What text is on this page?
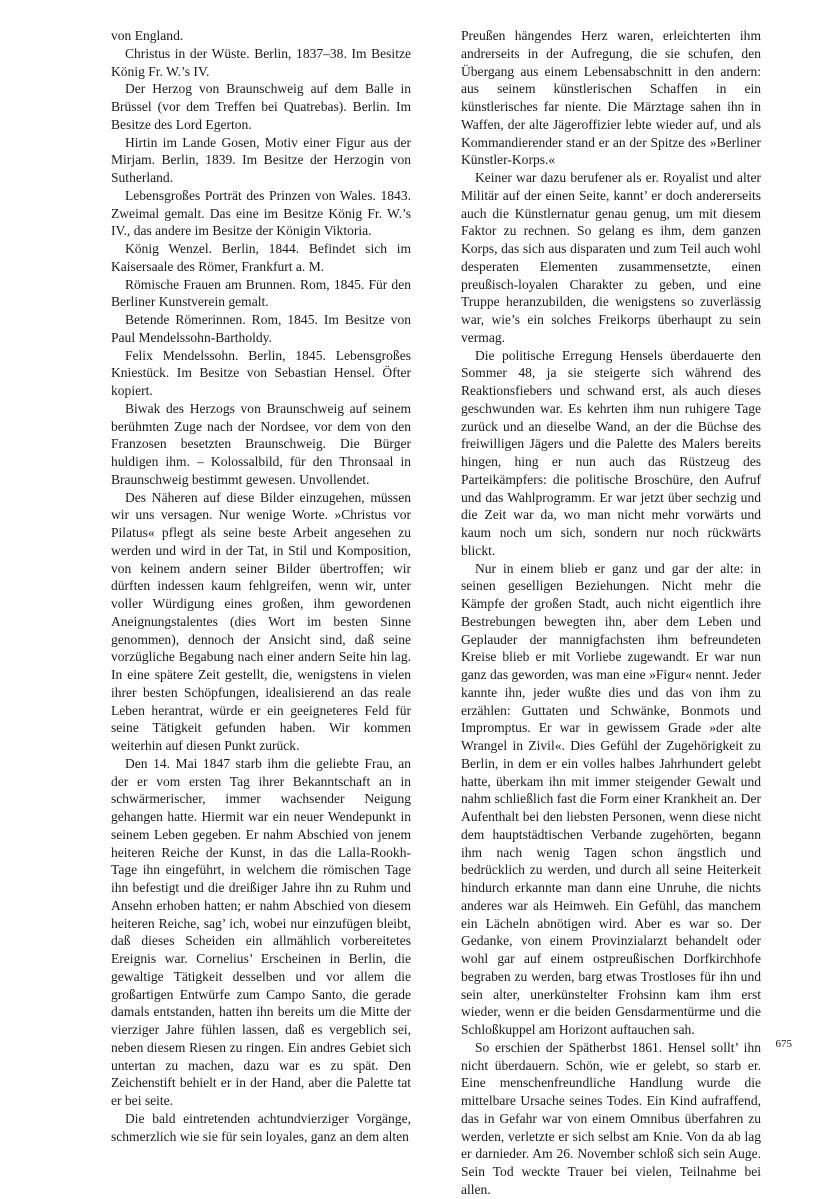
von England.

Christus in der Wüste. Berlin, 1837–38. Im Besitze König Fr. W.’s IV.

Der Herzog von Braunschweig auf dem Balle in Brüssel (vor dem Treffen bei Quatrebas). Berlin. Im Besitze des Lord Egerton.

Hirtin im Lande Gosen, Motiv einer Figur aus der Mirjam. Berlin, 1839. Im Besitze der Herzogin von Sutherland.

Lebensgroßes Porträt des Prinzen von Wales. 1843. Zweimal gemalt. Das eine im Besitze König Fr. W.’s IV., das andere im Besitze der Königin Viktoria.

König Wenzel. Berlin, 1844. Befindet sich im Kaisersaale des Römer, Frankfurt a. M.

Römische Frauen am Brunnen. Rom, 1845. Für den Berliner Kunstverein gemalt.

Betende Römerinnen. Rom, 1845. Im Besitze von Paul Mendelssohn-Bartholdy.

Felix Mendelssohn. Berlin, 1845. Lebensgroßes Kniestück. Im Besitze von Sebastian Hensel. Öfter kopiert.

Biwak des Herzogs von Braunschweig auf seinem berühmten Zuge nach der Nordsee, vor dem von den Franzosen besetzten Braunschweig. Die Bürger huldigen ihm. – Kolossalbild, für den Thronsaal in Braunschweig bestimmt gewesen. Unvollendet.

Des Näheren auf diese Bilder einzugehen, müssen wir uns versagen. Nur wenige Worte. »Christus vor Pilatus« pflegt als seine beste Arbeit angesehen zu werden und wird in der Tat, in Stil und Komposition, von keinem andern seiner Bilder übertroffen; wir dürften indessen kaum fehlgreifen, wenn wir, unter voller Würdigung eines großen, ihm gewordenen Aneignungstalentes (dies Wort im besten Sinne genommen), dennoch der Ansicht sind, daß seine vorzügliche Begabung nach einer andern Seite hin lag. In eine spätere Zeit gestellt, die, wenigstens in vielen ihrer besten Schöpfungen, idealisierend an das reale Leben herantrat, würde er ein geeigneteres Feld für seine Tätigkeit gefunden haben. Wir kommen weiterhin auf diesen Punkt zurück.

Den 14. Mai 1847 starb ihm die geliebte Frau, an der er vom ersten Tag ihrer Bekanntschaft an in schwärmerischer, immer wachsender Neigung gehangen hatte. Hiermit war ein neuer Wendepunkt in seinem Leben gegeben. Er nahm Abschied von jenem heiteren Reiche der Kunst, in das die Lalla-Rookh-Tage ihn eingeführt, in welchem die römischen Tage ihn befestigt und die dreißiger Jahre ihn zu Ruhm und Ansehn erhoben hatten; er nahm Abschied von diesem heiteren Reiche, sag’ ich, wobei nur einzufügen bleibt, daß dieses Scheiden ein allmählich vorbereitetes Ereignis war. Cornelius’ Erscheinen in Berlin, die gewaltige Tätigkeit desselben und vor allem die großartigen Entwürfe zum Campo Santo, die gerade damals entstanden, hatten ihn bereits um die Mitte der vierziger Jahre fühlen lassen, daß es vergeblich sei, neben diesem Riesen zu ringen. Ein andres Gebiet sich untertan zu machen, dazu war es zu spät. Den Zeichenstift behielt er in der Hand, aber die Palette tat er bei seite.

Die bald eintretenden achtundvierziger Vorgänge, schmerzlich wie sie für sein loyales, ganz an dem alten

Preußen hängendes Herz waren, erleichterten ihm andrerseits in der Aufregung, die sie schufen, den Übergang aus einem Lebensabschnitt in den andern: aus seinem künstlerischen Schaffen in ein künstlerisches far niente. Die Märztage sahen ihn in Waffen, der alte Jägeroffizier lebte wieder auf, und als Kommandierender stand er an der Spitze des »Berliner Künstler-Korps.«

Keiner war dazu berufener als er. Royalist und alter Militär auf der einen Seite, kannt’ er doch andererseits auch die Künstlernatur genau genug, um mit diesem Faktor zu rechnen. So gelang es ihm, dem ganzen Korps, das sich aus disparaten und zum Teil auch wohl desperaten Elementen zusammensetzte, einen preußisch-loyalen Charakter zu geben, und eine Truppe heranzubilden, die wenigstens so zuverlässig war, wie’s ein solches Freikorps überhaupt zu sein vermag.

Die politische Erregung Hensels überdauerte den Sommer 48, ja sie steigerte sich während des Reaktionsfiebers und schwand erst, als auch dieses geschwunden war. Es kehrten ihm nun ruhigere Tage zurück und an dieselbe Wand, an der die Büchse des freiwilligen Jägers und die Palette des Malers bereits hingen, hing er nun auch das Rüstzeug des Parteikämpfers: die politische Broschüre, den Aufruf und das Wahlprogramm. Er war jetzt über sechzig und die Zeit war da, wo man nicht mehr vorwärts und kaum noch um sich, sondern nur noch rückwärts blickt.

Nur in einem blieb er ganz und gar der alte: in seinen geselligen Beziehungen. Nicht mehr die Kämpfe der großen Stadt, auch nicht eigentlich ihre Bestrebungen bewegten ihn, aber dem Leben und Geplauder der mannigfachsten ihm befreundeten Kreise blieb er mit Vorliebe zugewandt. Er war nun ganz das geworden, was man eine »Figur« nennt. Jeder kannte ihn, jeder wußte dies und das von ihm zu erzählen: Guttaten und Schwänke, Bonmots und Impromptus. Er war in gewissem Grade »der alte Wrangel in Zivil«. Dies Gefühl der Zugehörigkeit zu Berlin, in dem er ein volles halbes Jahrhundert gelebt hatte, überkam ihn mit immer steigender Gewalt und nahm schließlich fast die Form einer Krankheit an. Der Aufenthalt bei den liebsten Personen, wenn diese nicht dem hauptstädtischen Verbande zugehörten, begann ihm nach wenig Tagen schon ängstlich und bedrücklich zu werden, und durch all seine Heiterkeit hindurch erkannte man dann eine Unruhe, die nichts anderes war als Heimweh. Ein Gefühl, das manchem ein Lächeln abnötigen wird. Aber es war so. Der Gedanke, von einem Provinzialarzt behandelt oder wohl gar auf einem ostpreußischen Dorfkirchhofe begraben zu werden, barg etwas Trostloses für ihn und sein alter, unerkünstelter Frohsinn kam ihm erst wieder, wenn er die beiden Gensdarmentürme und die Schloßkuppel am Horizont auftauchen sah.

So erschien der Spätherbst 1861. Hensel sollt’ ihn nicht überdauern. Schön, wie er gelebt, so starb er. Eine menschenfreundliche Handlung wurde die mittelbare Ursache seines Todes. Ein Kind aufraffend, das in Gefahr war von einem Omnibus überfahren zu werden, verletzte er sich selbst am Knie. Von da ab lag er darnieder. Am 26. November schloß sich sein Auge. Sein Tod weckte Trauer bei vielen, Teilnahme bei allen.

675
